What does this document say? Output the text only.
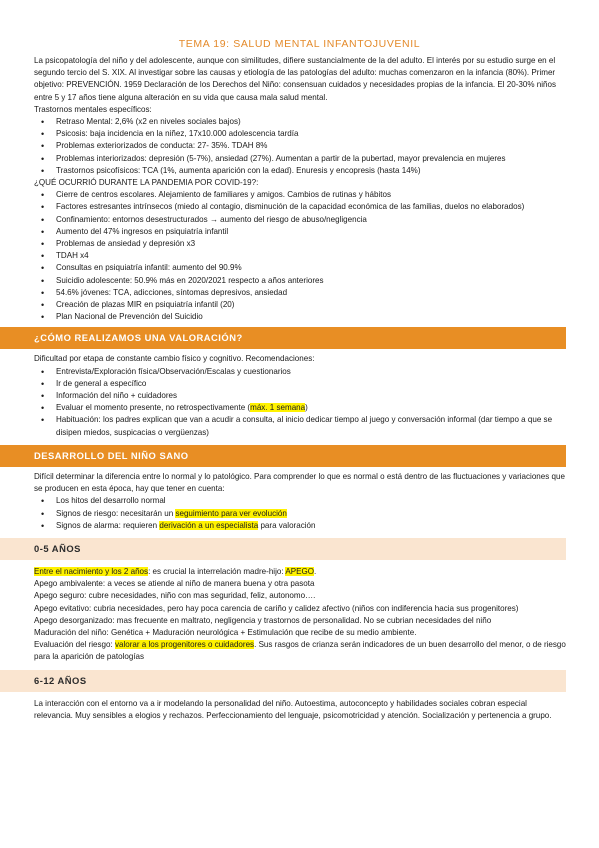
TEMA 19: SALUD MENTAL INFANTOJUVENIL

La psicopatología del niño y del adolescente, aunque con similitudes, difiere sustancialmente de la del adulto. El interés por su estudio surge en el segundo tercio del S. XIX. Al investigar sobre las causas y etiología de las patologías del adulto: muchas comenzaron en la infancia (80%). Primer objetivo: PREVENCIÓN. 1959 Declaración de los Derechos del Niño: consensuan cuidados y necesidades propias de la infancia. El 20-30% niños entre 5 y 17 años tiene alguna alteración en su vida que causa mala salud mental.

Trastornos mentales específicos:

• Retraso Mental: 2,6% (x2 en niveles sociales bajos)
• Psicosis: baja incidencia en la niñez, 17x10.000 adolescencia tardía
• Problemas exteriorizados de conducta: 27- 35%. TDAH 8%
• Problemas interiorizados: depresión (5-7%), ansiedad (27%). Aumentan a partir de la pubertad, mayor prevalencia en mujeres
• Trastornos psicofísicos: TCA (1%, aumenta aparición con la edad). Enuresis y encopresis (hasta 14%)

¿QUÉ OCURRIÓ DURANTE LA PANDEMIA POR COVID-19?:

• Cierre de centros escolares. Alejamiento de familiares y amigos. Cambios de rutinas y hábitos
• Factores estresantes intrínsecos (miedo al contagio, disminución de la capacidad económica de las familias, duelos no elaborados)
• Confinamiento: entornos desestructurados → aumento del riesgo de abuso/negligencia
• Aumento del 47% ingresos en psiquiatría infantil
• Problemas de ansiedad y depresión x3
• TDAH x4
• Consultas en psiquiatría infantil: aumento del 90.9%
• Suicidio adolescente: 50.9% más en 2020/2021 respecto a años anteriores
• 54.6% jóvenes: TCA, adicciones, síntomas depresivos, ansiedad
• Creación de plazas MIR en psiquiatría infantil (20)
• Plan Nacional de Prevención del Suicidio
¿CÓMO REALIZAMOS UNA VALORACIÓN?

Dificultad por etapa de constante cambio físico y cognitivo. Recomendaciones:

• Entrevista/Exploración física/Observación/Escalas y cuestionarios
• Ir de general a específico
• Información del niño + cuidadores
• Evaluar el momento presente, no retrospectivamente (máx. 1 semana)
• Habituación: los padres explican que van a acudir a consulta, al inicio dedicar tiempo al juego y conversación informal (dar tiempo a que se disipen miedos, suspicacias o vergüenzas)
DESARROLLO DEL NIÑO SANO

Difícil determinar la diferencia entre lo normal y lo patológico. Para comprender lo que es normal o está dentro de las fluctuaciones y variaciones que se producen en esta época, hay que tener en cuenta:

• Los hitos del desarrollo normal
• Signos de riesgo: necesitarán un seguimiento para ver evolución
• Signos de alarma: requieren derivación a un especialista para valoración
0-5 AÑOS

Entre el nacimiento y los 2 años: es crucial la interrelación madre-hijo: APEGO.

Apego ambivalente: a veces se atiende al niño de manera buena y otra pasota

Apego seguro: cubre necesidades, niño con mas seguridad, feliz, autonomo….

Apego evitativo: cubria necesidades, pero hay poca carencia de cariño y calidez afectivo (niños con indiferencia hacia sus progenitores)

Apego desorganizado: mas frecuente en maltrato, negligencia y trastornos de personalidad. No se cubrian necesidades del niño

Maduración del niño: Genética + Maduración neurológica + Estimulación que recibe de su medio ambiente.

Evaluación del riesgo: valorar a los progenitores o cuidadores. Sus rasgos de crianza serán indicadores de un buen desarrollo del menor, o de riesgo para la aparición de patologías

6-12 AÑOS

La interacción con el entorno va a ir modelando la personalidad del niño. Autoestima, autoconcepto y habilidades sociales cobran especial relevancia. Muy sensibles a elogios y rechazos. Perfeccionamiento del lenguaje, psicomotricidad y atención. Socialización y pertenencia a grupo.
